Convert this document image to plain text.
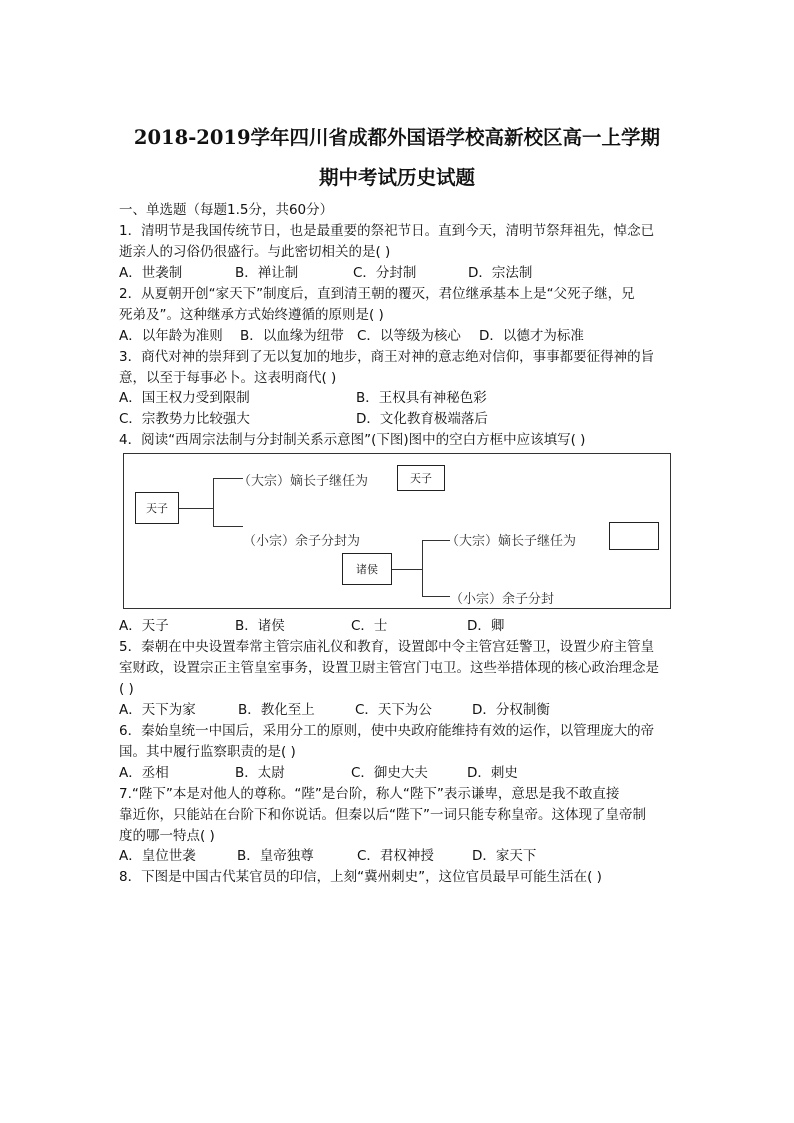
2018-2019学年四川省成都外国语学校高新校区高一上学期
期中考试历史试题
一、单选题（每题1.5分，共60分）
1．清明节是我国传统节日，也是最重要的祭祀节日。直到今天，清明节祭拜祖先，悼念已
逝亲人的习俗仍很盛行。与此密切相关的是( )
A．世袭制	B．禅让制	C．分封制	D．宗法制
2．从夏朝开创“家天下”制度后，直到清王朝的覆灭，君位继承基本上是“父死子继，兄
死弟及”。这种继承方式始终遵循的原则是( )
A．以年龄为准则 B．以血缘为纽带 C．以等级为核心 D．以德才为标准
3．商代对神的崇拜到了无以复加的地步，商王对神的意志绝对信仰，事事都要征得神的旨
意，以至于每事必卜。这表明商代( )
A．国王权力受到限制	B．王权具有神秘色彩
C．宗教势力比较强大	D．文化教育极端落后
4．阅读“西周宗法制与分封制关系示意图”(下图)图中的空白方框中应该填写( )
天子
（大宗）嫡长子继任为	天子
（小宗）余子分封为
诸侯
（大宗）嫡长子继任为
（小宗）余子分封
A．天子	B．诸侯	C．士	D．卿
5．秦朝在中央设置奉常主管宗庙礼仪和教育，设置郎中令主管宫廷警卫，设置少府主管皇
室财政，设置宗正主管皇室事务，设置卫尉主管宫门屯卫。这些举措体现的核心政治理念是
( )
A．天下为家	B．教化至上	C．天下为公	D．分权制衡
6．秦始皇统一中国后，采用分工的原则，使中央政府能维持有效的运作，以管理庞大的帝
国。其中履行监察职责的是( )
A．丞相	B．太尉	C．御史大夫	D．刺史
7.“陛下”本是对他人的尊称。“陛”是台阶，称人“陛下”表示谦卑，意思是我不敢直接
靠近你，只能站在台阶下和你说话。但秦以后“陛下”一词只能专称皇帝。这体现了皇帝制
度的哪一特点( )
A．皇位世袭	B．皇帝独尊	C．君权神授	D．家天下
8．下图是中国古代某官员的印信，上刻“冀州刺史”，这位官员最早可能生活在( )
